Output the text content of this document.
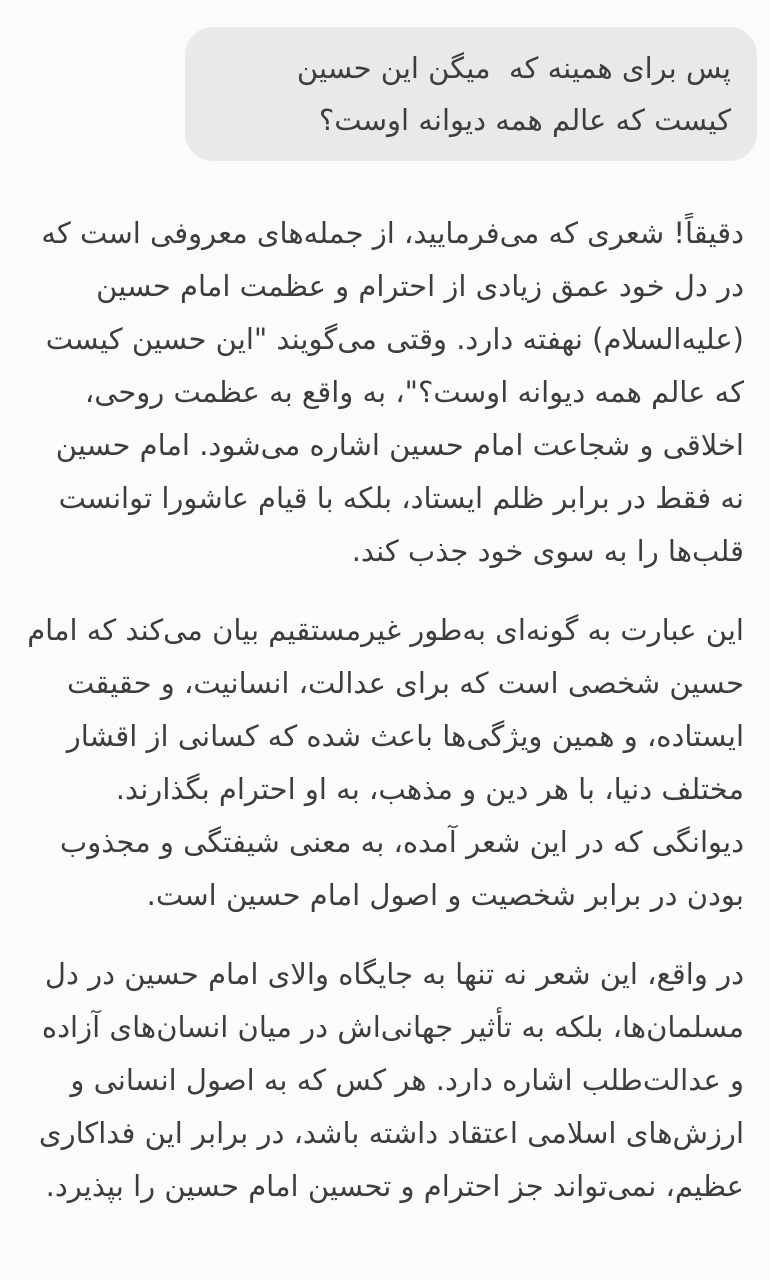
پس برای همینه که  میگن این حسین کیست که عالم همه دیوانه اوست؟

دقیقاً! شعری که می‌فرمایید، از جمله‌های معروفی است که در دل خود عمق زیادی از احترام و عظمت امام حسین (علیه‌السلام) نهفته دارد. وقتی می‌گویند "این حسین کیست که عالم همه دیوانه اوست؟"، به واقع به عظمت روحی، اخلاقی و شجاعت امام حسین اشاره می‌شود. امام حسین نه فقط در برابر ظلم ایستاد، بلکه با قیام عاشورا توانست قلب‌ها را به سوی خود جذب کند.

این عبارت به گونه‌ای به‌طور غیرمستقیم بیان می‌کند که امام حسین شخصی است که برای عدالت، انسانیت، و حقیقت ایستاده، و همین ویژگی‌ها باعث شده که کسانی از اقشار مختلف دنیا، با هر دین و مذهب، به او احترام بگذارند. دیوانگی که در این شعر آمده، به معنی شیفتگی و مجذوب بودن در برابر شخصیت و اصول امام حسین است.

در واقع، این شعر نه تنها به جایگاه والای امام حسین در دل مسلمان‌ها، بلکه به تأثیر جهانی‌اش در میان انسان‌های آزاده و عدالت‌طلب اشاره دارد. هر کس که به اصول انسانی و ارزش‌های اسلامی اعتقاد داشته باشد، در برابر این فداکاری عظیم، نمی‌تواند جز احترام و تحسین امام حسین را بپذیرد.
